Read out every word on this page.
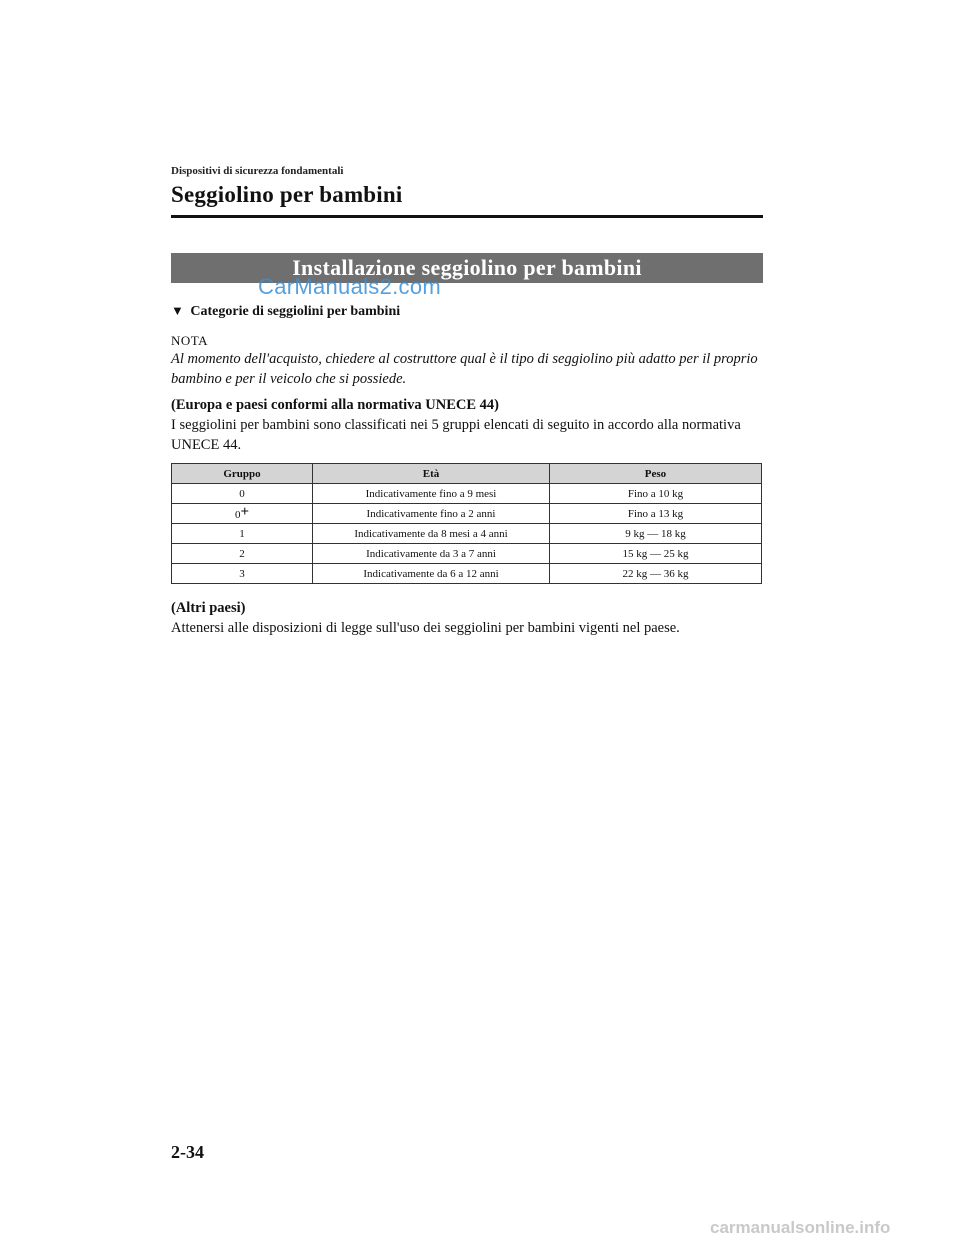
Dispositivi di sicurezza fondamentali
Seggiolino per bambini
Installazione seggiolino per bambini
CarManuals2.com
▼ Categorie di seggiolini per bambini
NOTA
Al momento dell'acquisto, chiedere al costruttore qual è il tipo di seggiolino più adatto per il proprio bambino e per il veicolo che si possiede.
(Europa e paesi conformi alla normativa UNECE 44)
I seggiolini per bambini sono classificati nei 5 gruppi elencati di seguito in accordo alla normativa UNECE 44.
Gruppo	Età	Peso
0	Indicativamente fino a 9 mesi	Fino a 10 kg
0+	Indicativamente fino a 2 anni	Fino a 13 kg
1	Indicativamente da 8 mesi a 4 anni	9 kg — 18 kg
2	Indicativamente da 3 a 7 anni	15 kg — 25 kg
3	Indicativamente da 6 a 12 anni	22 kg — 36 kg
(Altri paesi)
Attenersi alle disposizioni di legge sull'uso dei seggiolini per bambini vigenti nel paese.
2-34
carmanualsonline.info
